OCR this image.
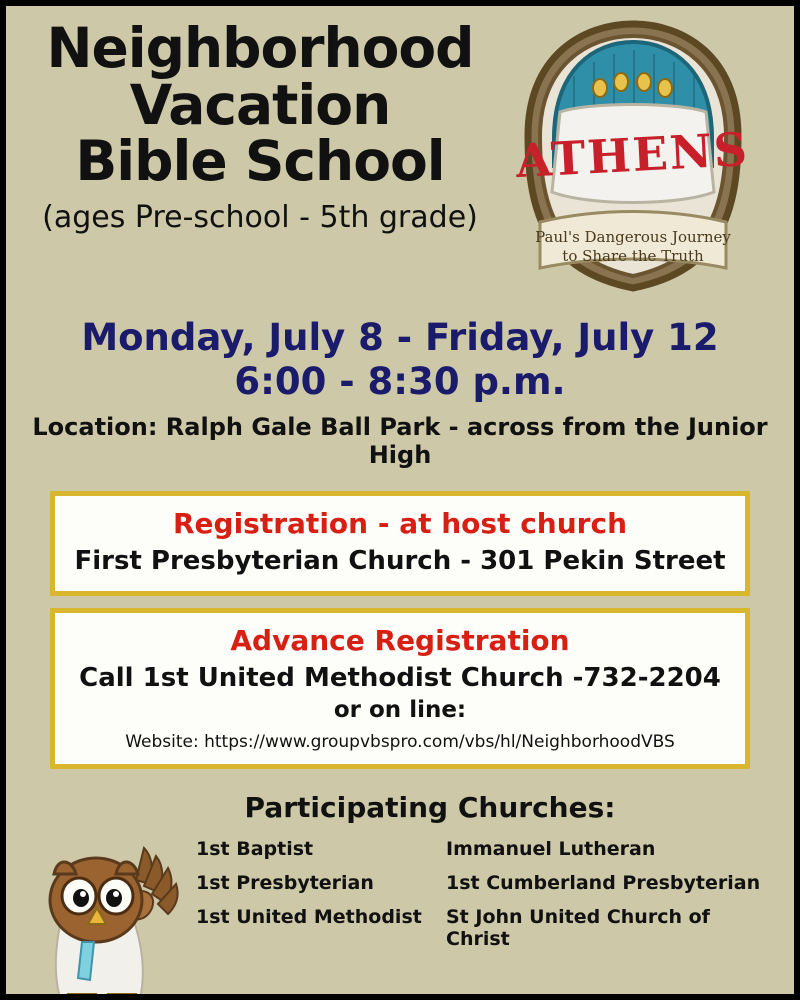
Neighborhood
Vacation
Bible School
(ages Pre-school - 5th grade)
ATHENS
Paul's Dangerous Journey
to Share the Truth
Monday, July 8 - Friday, July 12
6:00 - 8:30 p.m.
Location: Ralph Gale Ball Park - across from the Junior High
Registration - at host church
First Presbyterian Church - 301 Pekin Street
Advance Registration
Call 1st United Methodist Church -732-2204
or on line:
Website: https://www.groupvbspro.com/vbs/hl/NeighborhoodVBS
Participating Churches:
1st Baptist	Immanuel Lutheran
1st Presbyterian	1st Cumberland Presbyterian
1st United Methodist	St John United Church of Christ
